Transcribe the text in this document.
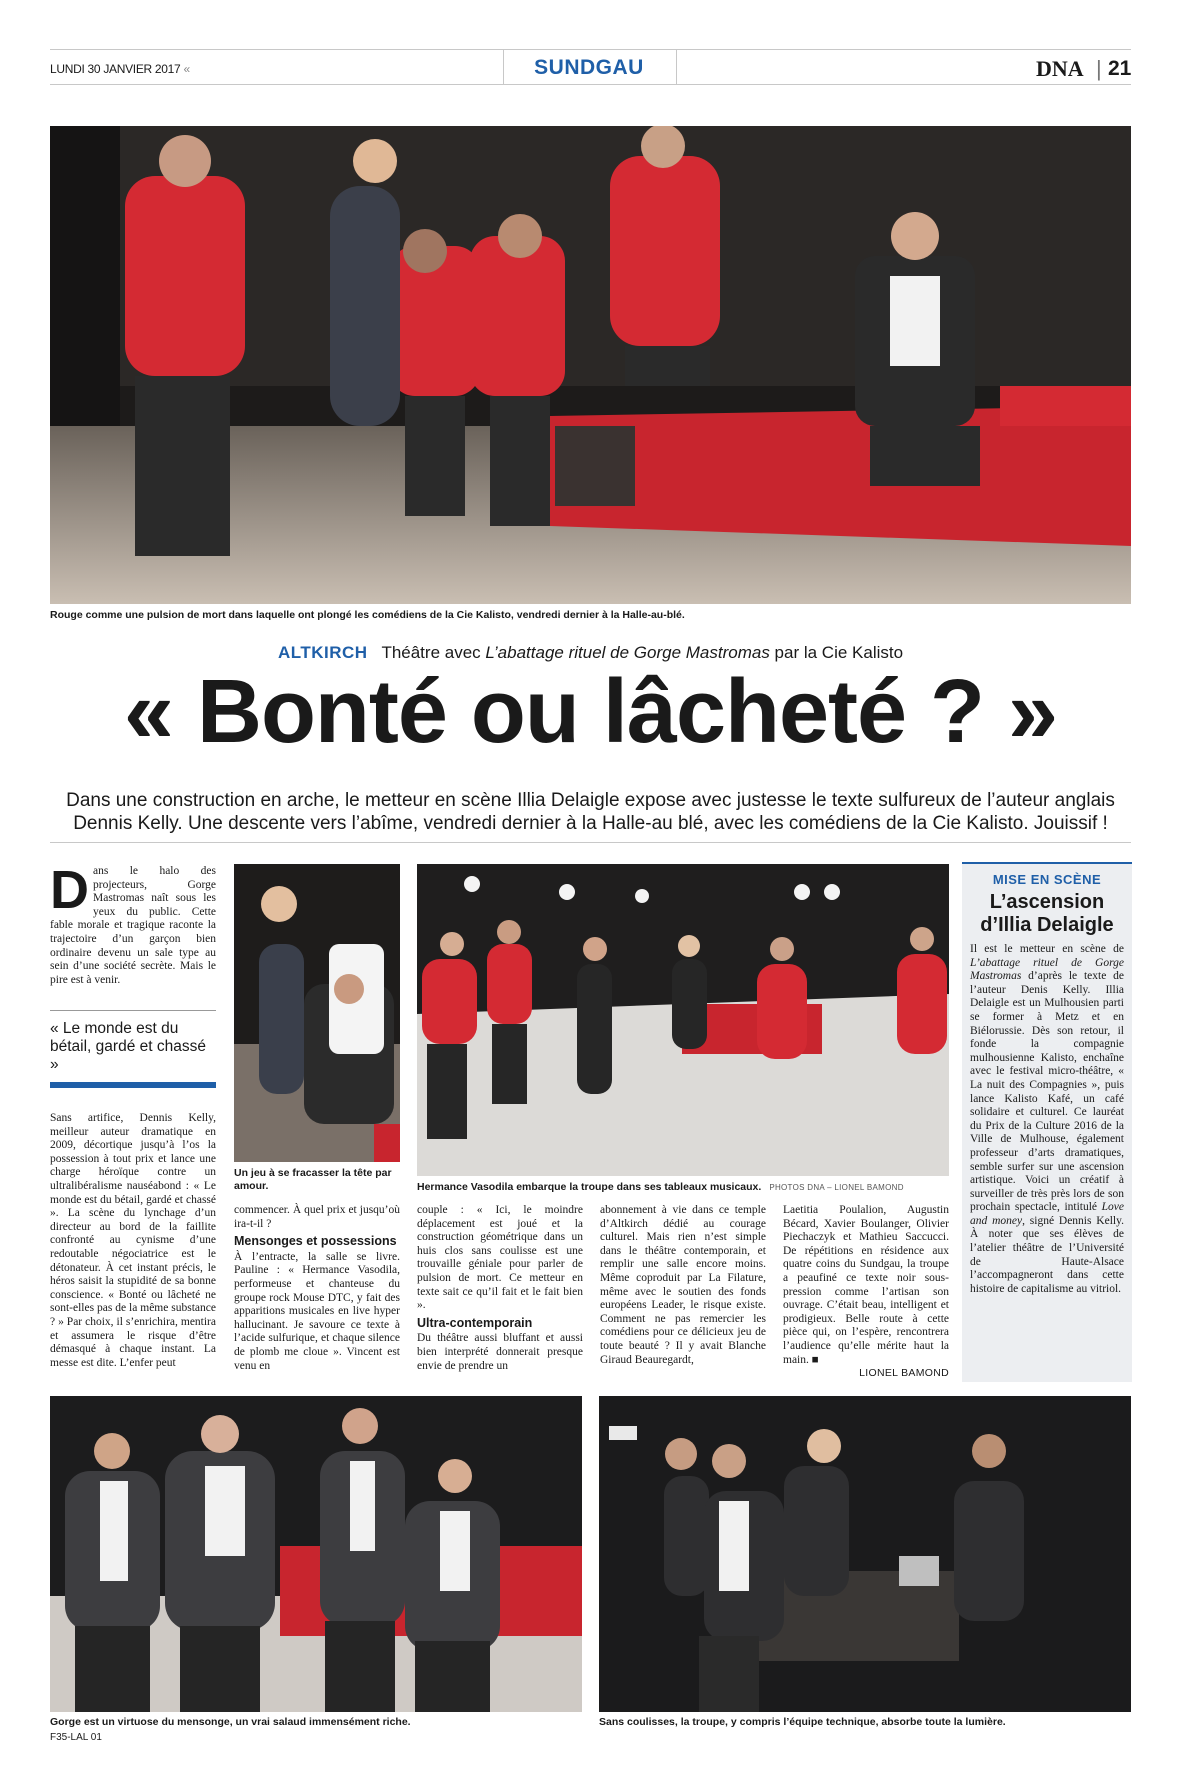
LUNDI 30 JANVIER 2017 «	SUNDGAU	DNA | 21
Rouge comme une pulsion de mort dans laquelle ont plongé les comédiens de la Cie Kalisto, vendredi dernier à la Halle-au-blé.
ALTKIRCH Théâtre avec L’abattage rituel de Gorge Mastromas par la Cie Kalisto
« Bonté ou lâcheté ? »
Dans une construction en arche, le metteur en scène Illia Delaigle expose avec justesse le texte sulfureux de l’auteur anglais Dennis Kelly. Une descente vers l’abîme, vendredi dernier à la Halle-au blé, avec les comédiens de la Cie Kalisto. Jouissif !
Dans le halo des projecteurs, Gorge Mastromas naît sous les yeux du public. Cette fable morale et tragique raconte la trajectoire d’un garçon bien ordinaire devenu un sale type au sein d’une société secrète. Mais le pire est à venir.
« Le monde est du bétail, gardé et chassé »
Sans artifice, Dennis Kelly, meilleur auteur dramatique en 2009, décortique jusqu’à l’os la possession à tout prix et lance une charge héroïque contre un ultralibéralisme nauséabond : « Le monde est du bétail, gardé et chassé ». La scène du lynchage d’un directeur au bord de la faillite confronté au cynisme d’une redoutable négociatrice est le détonateur. À cet instant précis, le héros saisit la stupidité de sa bonne conscience. « Bonté ou lâcheté ne sont-elles pas de la même substance ? » Par choix, il s’enrichira, mentira et assumera le risque d’être démasqué à chaque instant. La messe est dite. L’enfer peut
Un jeu à se fracasser la tête par amour.	Hermance Vasodila embarque la troupe dans ses tableaux musicaux. PHOTOS DNA – LIONEL BAMOND

commencer. À quel prix et jusqu’où ira-t-il ?

Mensonges et possessions

À l’entracte, la salle se livre. Pauline : « Hermance Vasodila, performeuse et chanteuse du groupe rock Mouse DTC, y fait des apparitions musicales en live hyper hallucinant. Je savoure ce texte à l’acide sulfurique, et chaque silence de plomb me cloue ». Vincent est venu en

couple : « Ici, le moindre déplacement est joué et la construction géométrique dans un huis clos sans coulisse est une trouvaille géniale pour parler de pulsion de mort. Ce metteur en texte sait ce qu’il fait et le fait bien ».

Ultra-contemporain

Du théâtre aussi bluffant et aussi bien interprété donnerait presque envie de prendre un

abonnement à vie dans ce temple d’Altkirch dédié au courage culturel. Mais rien n’est simple dans le théâtre contemporain, et remplir une salle encore moins. Même coproduit par La Filature, même avec le soutien des fonds européens Leader, le risque existe. Comment ne pas remercier les comédiens pour ce délicieux jeu de toute beauté ? Il y avait Blanche Giraud Beauregardt,

Laetitia Poulalion, Augustin Bécard, Xavier Boulanger, Olivier Piechaczyk et Mathieu Saccucci. De répétitions en résidence aux quatre coins du Sundgau, la troupe a peaufiné ce texte noir sous-pression comme l’artisan son ouvrage. C’était beau, intelligent et prodigieux. Belle route à cette pièce qui, on l’espère, rencontrera l’audience qu’elle mérite haut la main. ■

LIONEL BAMOND
MISE EN SCÈNE
L’ascension d’Illia Delaigle
Il est le metteur en scène de L’abattage rituel de Gorge Mastromas d’après le texte de l’auteur Denis Kelly. Illia Delaigle est un Mulhousien parti se former à Metz et en Biélorussie. Dès son retour, il fonde la compagnie mulhousienne Kalisto, enchaîne avec le festival micro-théâtre, « La nuit des Compagnies », puis lance Kalisto Kafé, un café solidaire et culturel. Ce lauréat du Prix de la Culture 2016 de la Ville de Mulhouse, également professeur d’arts dramatiques, semble surfer sur une ascension artistique. Voici un créatif à surveiller de très près lors de son prochain spectacle, intitulé Love and money, signé Dennis Kelly. À noter que ses élèves de l’atelier théâtre de l’Université de Haute-Alsace l’accompagneront dans cette histoire de capitalisme au vitriol.
Gorge est un virtuose du mensonge, un vrai salaud immensément riche.	Sans coulisses, la troupe, y compris l’équipe technique, absorbe toute la lumière.
F35-LAL 01
